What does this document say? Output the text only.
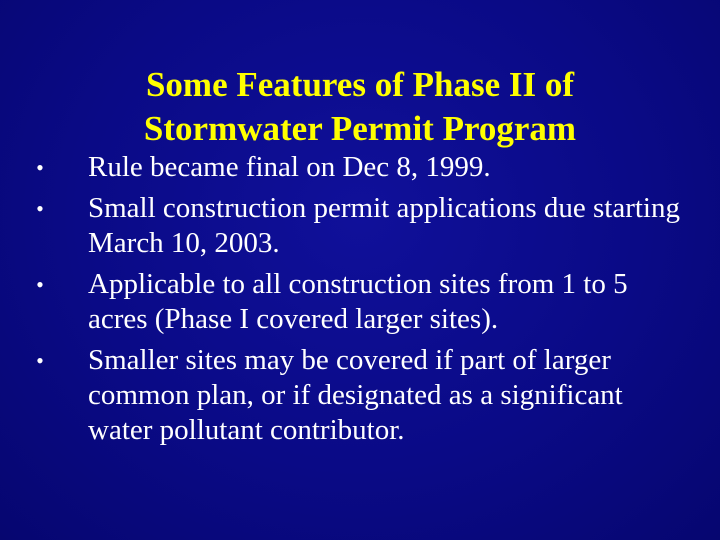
Some Features of Phase II of
Stormwater Permit Program
• Rule became final on Dec 8, 1999.
• Small construction permit applications due starting March 10, 2003.
• Applicable to all construction sites from 1 to 5 acres (Phase I covered larger sites).
• Smaller sites may be covered if part of larger common plan, or if designated as a significant water pollutant contributor.
